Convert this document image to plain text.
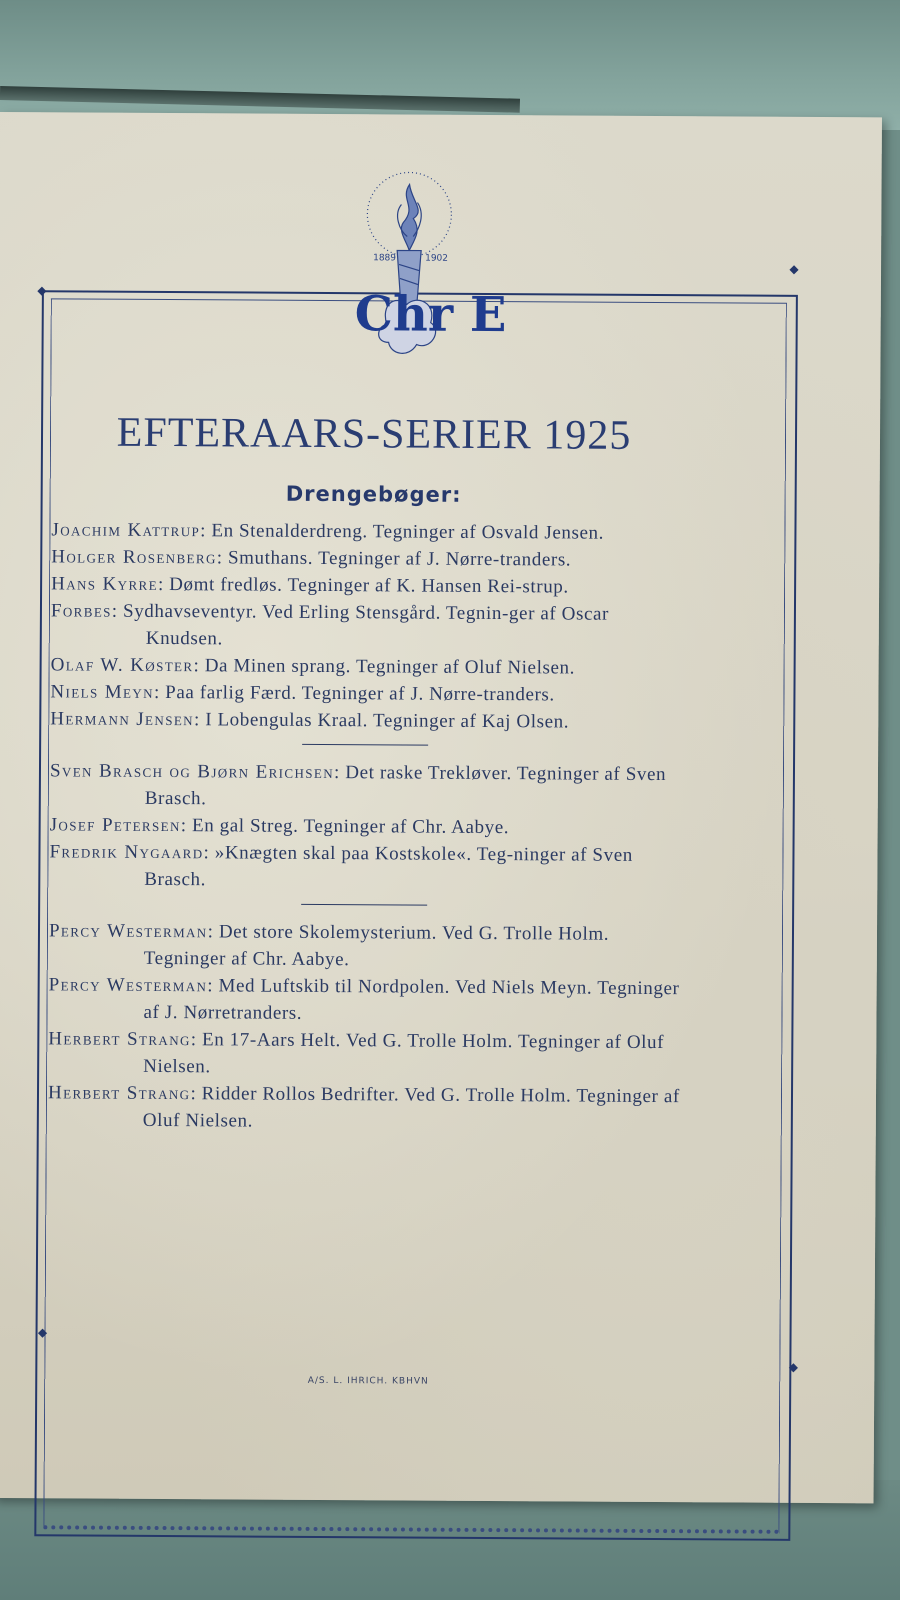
◆
◆
◆
◆
1889	1902
Chr E
EFTERAARS-SERIER 1925
Drengebøger:

Joachim Kattrup: En Stenalderdreng. Tegninger af Osvald Jensen.

Holger Rosenberg: Smuthans. Tegninger af J. Nørre-tranders.

Hans Kyrre: Dømt fredløs. Tegninger af K. Hansen Rei-strup.

Forbes: Sydhavseventyr. Ved Erling Stensgård. Tegnin-ger af Oscar Knudsen.

Olaf W. Køster: Da Minen sprang. Tegninger af Oluf Nielsen.

Niels Meyn: Paa farlig Færd. Tegninger af J. Nørre-tranders.

Hermann Jensen: I Lobengulas Kraal. Tegninger af Kaj Olsen.

Sven Brasch og Bjørn Erichsen: Det raske Trekløver. Tegninger af Sven Brasch.

Josef Petersen: En gal Streg. Tegninger af Chr. Aabye.

Fredrik Nygaard: »Knægten skal paa Kostskole«. Teg-ninger af Sven Brasch.

Percy Westerman: Det store Skolemysterium. Ved G. Trolle Holm. Tegninger af Chr. Aabye.

Percy Westerman: Med Luftskib til Nordpolen. Ved Niels Meyn. Tegninger af J. Nørretranders.

Herbert Strang: En 17-Aars Helt. Ved G. Trolle Holm. Tegninger af Oluf Nielsen.

Herbert Strang: Ridder Rollos Bedrifter. Ved G. Trolle Holm. Tegninger af Oluf Nielsen.

A/S. L. IHRICH. KBHVN
